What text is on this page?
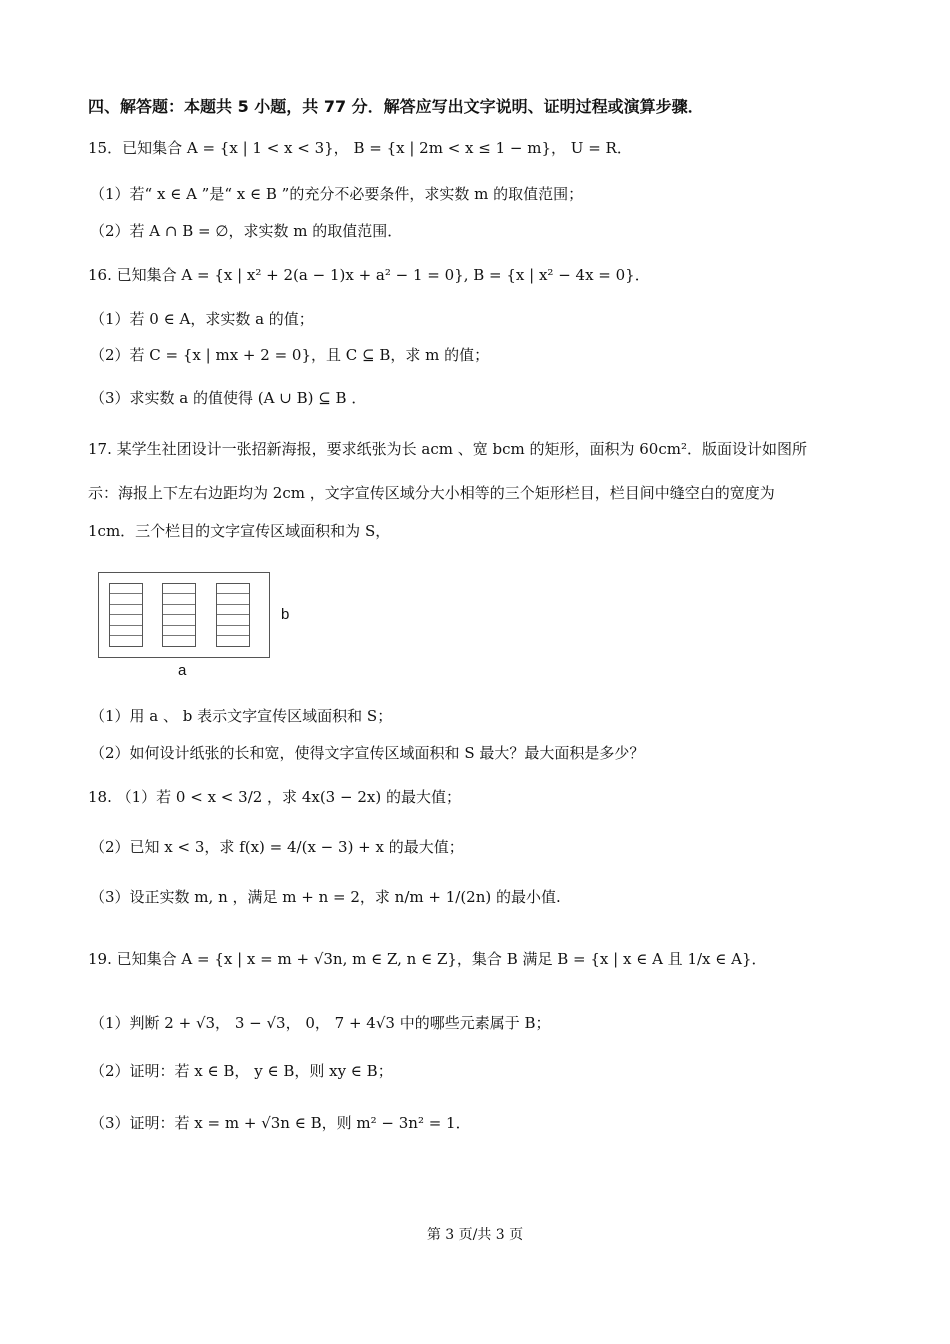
四、解答题：本题共 5 小题，共 77 分．解答应写出文字说明、证明过程或演算步骤．
15．已知集合 A = {x | 1 < x < 3}， B = {x | 2m < x ≤ 1 − m}， U = R．
（1）若“ x ∈ A ”是“ x ∈ B ”的充分不必要条件，求实数 m 的取值范围；
（2）若 A ∩ B = ∅，求实数 m 的取值范围．
16. 已知集合 A = {x | x² + 2(a − 1)x + a² − 1 = 0}, B = {x | x² − 4x = 0}．
（1）若 0 ∈ A，求实数 a 的值；
（2）若 C = {x | mx + 2 = 0}，且 C ⊆ B，求 m 的值；
（3）求实数 a 的值使得 (A ∪ B) ⊆ B ．
17. 某学生社团设计一张招新海报，要求纸张为长 acm 、宽 bcm 的矩形，面积为 60cm²．版面设计如图所
示：海报上下左右边距均为 2cm ，文字宣传区域分大小相等的三个矩形栏目，栏目间中缝空白的宽度为
1cm．三个栏目的文字宣传区域面积和为 S，
b
a
（1）用 a 、 b 表示文字宣传区域面积和 S；
（2）如何设计纸张的长和宽，使得文字宣传区域面积和 S 最大？最大面积是多少？
18. （1）若 0 < x < 3/2 ，求 4x(3 − 2x) 的最大值；
（2）已知 x < 3，求 f(x) = 4/(x − 3) + x 的最大值；
（3）设正实数 m, n ，满足 m + n = 2，求 n/m + 1/(2n) 的最小值.
19. 已知集合 A = {x | x = m + √3n, m ∈ Z, n ∈ Z}，集合 B 满足 B = {x | x ∈ A 且 1/x ∈ A}．
（1）判断 2 + √3， 3 − √3， 0， 7 + 4√3 中的哪些元素属于 B；
（2）证明：若 x ∈ B， y ∈ B，则 xy ∈ B；
（3）证明：若 x = m + √3n ∈ B，则 m² − 3n² = 1．
第 3 页/共 3 页
